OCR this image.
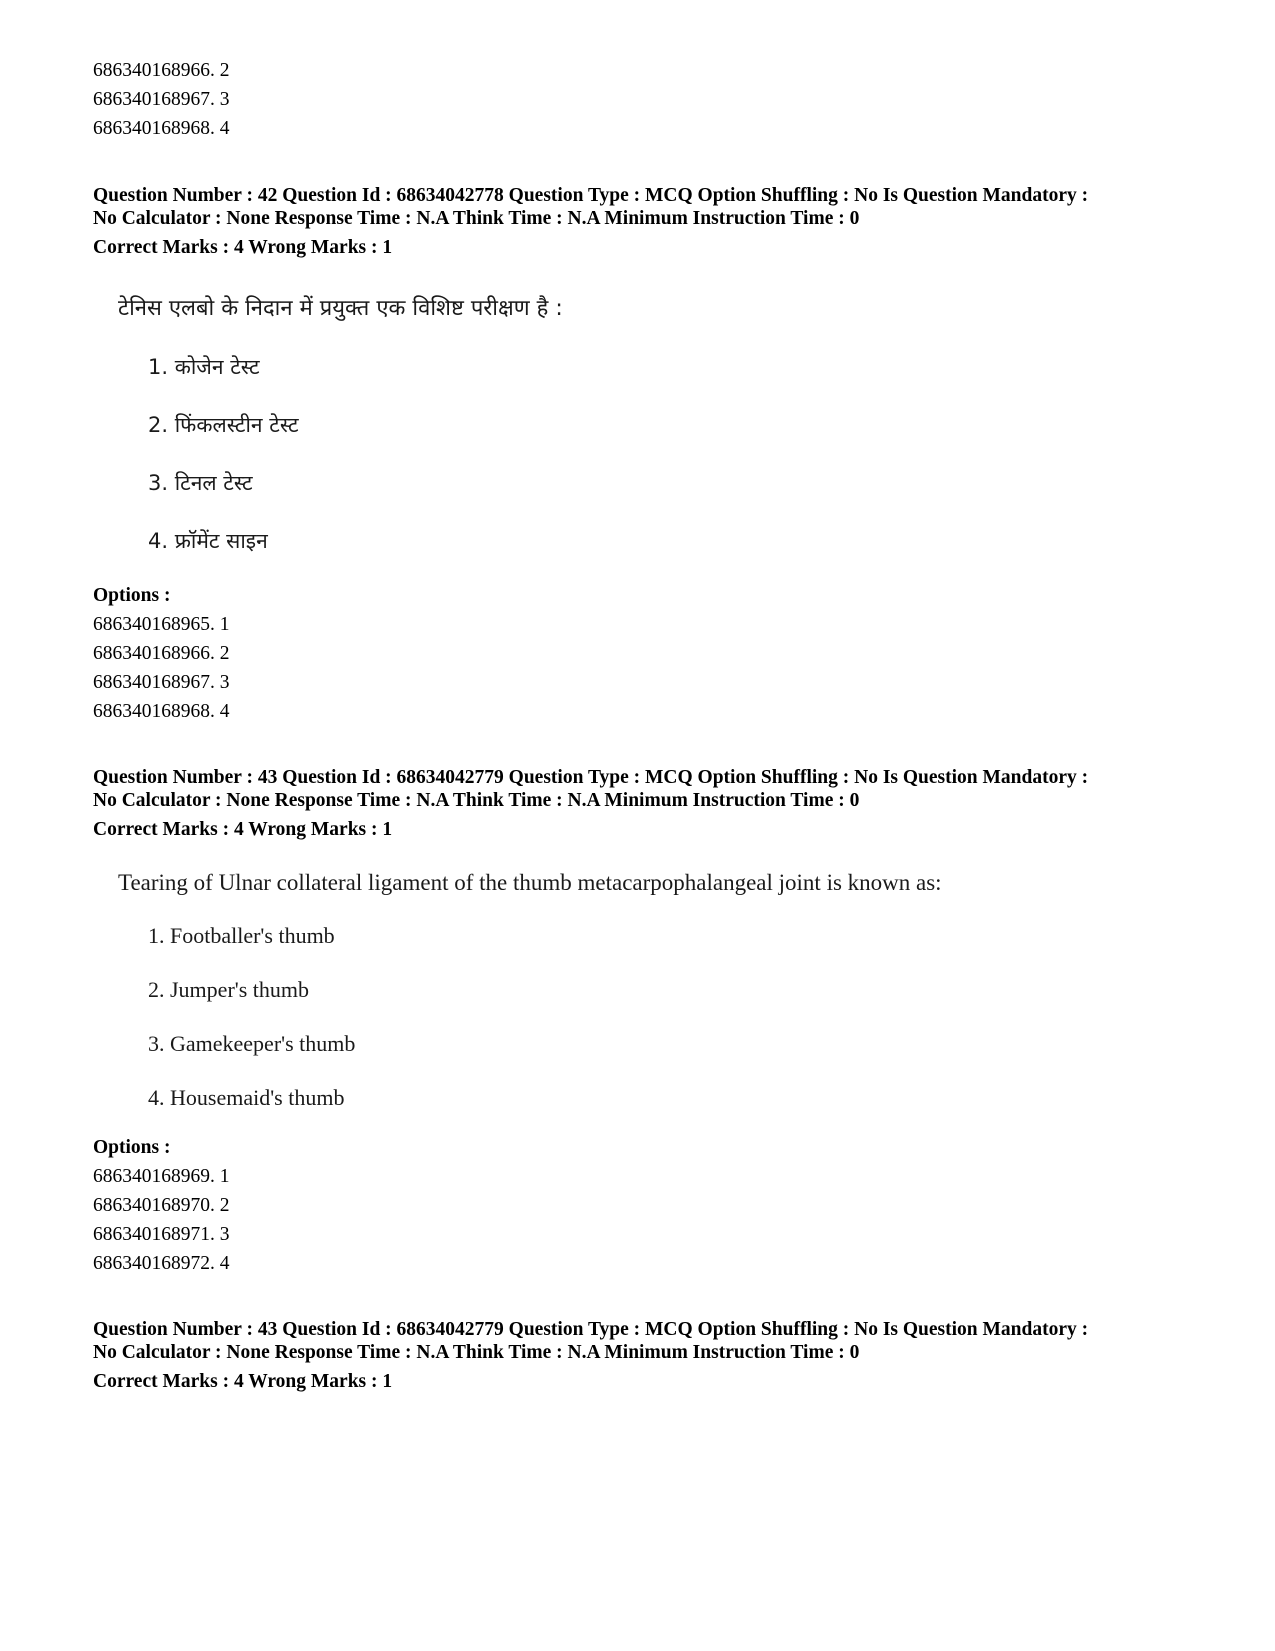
686340168966. 2
686340168967. 3
686340168968. 4
Question Number : 42 Question Id : 68634042778 Question Type : MCQ Option Shuffling : No Is Question Mandatory :
No Calculator : None Response Time : N.A Think Time : N.A Minimum Instruction Time : 0
Correct Marks : 4 Wrong Marks : 1
टेनिस एलबो के निदान में प्रयुक्त एक विशिष्ट परीक्षण है :
1. कोजेन टेस्ट
2. फिंकलस्टीन टेस्ट
3. टिनल टेस्ट
4. फ्रॉमेंट साइन
Options :
686340168965. 1
686340168966. 2
686340168967. 3
686340168968. 4
Question Number : 43 Question Id : 68634042779 Question Type : MCQ Option Shuffling : No Is Question Mandatory :
No Calculator : None Response Time : N.A Think Time : N.A Minimum Instruction Time : 0
Correct Marks : 4 Wrong Marks : 1
Tearing of Ulnar collateral ligament of the thumb metacarpophalangeal joint is known as:
1. Footballer's thumb
2. Jumper's thumb
3. Gamekeeper's thumb
4. Housemaid's thumb
Options :
686340168969. 1
686340168970. 2
686340168971. 3
686340168972. 4
Question Number : 43 Question Id : 68634042779 Question Type : MCQ Option Shuffling : No Is Question Mandatory :
No Calculator : None Response Time : N.A Think Time : N.A Minimum Instruction Time : 0
Correct Marks : 4 Wrong Marks : 1
